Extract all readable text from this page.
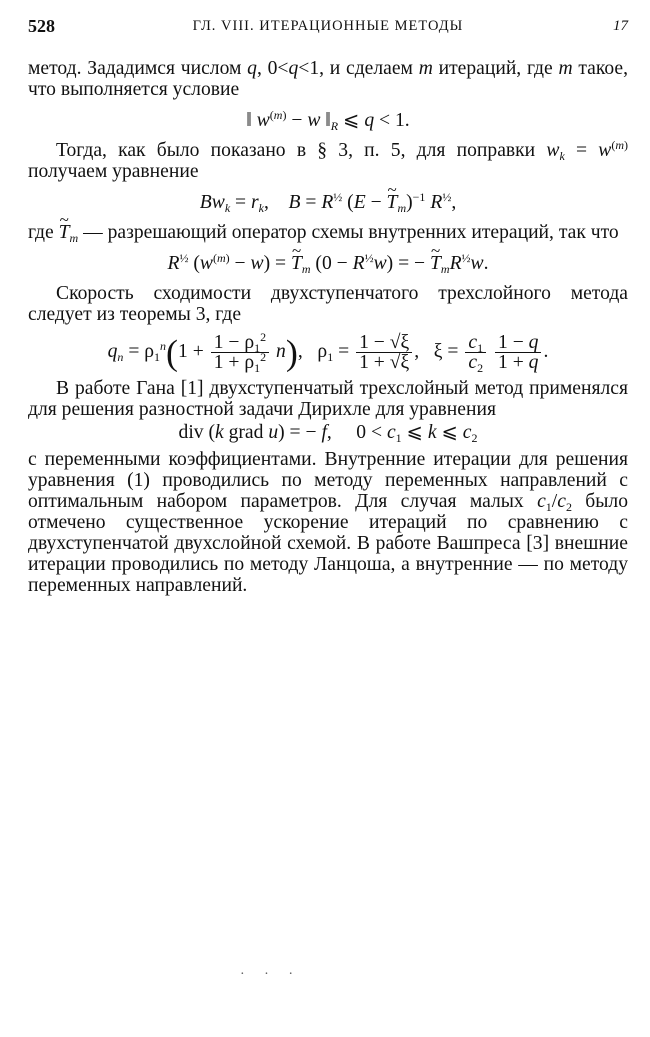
528	ГЛ. VIII. ИТЕРАЦИОННЫЕ МЕТОДЫ	17

метод. Зададимся числом q, 0<q<1, и сделаем m итераций, где m такое, что выполняется условие

‖ $w^{(m)} - w$ $‖_R$ ⩽ q < 1.

Тогда, как было показано в § 3, п. 5, для поправки $w_k = w^{(m)}$ получаем уравнение

$Bw_k = r_k$,    $B = R^{\frac{1}{2}}$ (E − ~ $T_m)^{-1}$ $R^{\frac{1}{2}}$,

где ~ $T_m$ — разрешающий оператор схемы внутренних итераций, так что

$R^{\frac{1}{2}}$ $(w^{(m)} - w)$ = ~ $T_m$ $(0 - R^{\frac{1}{2}}w)$ = − ~ $T_mR^{\frac{1}{2}}w$.

Скорость сходимости двухступенчатого трехслойного метода следует из теоремы 3, где

$q_n = \rho_1^n(1 + \frac{1 - \rho_1^2}{1 + \rho_1^2} n)$,   $\rho_1 = \frac{1 - √\xi}{1 + √\xi}$ ,   $\xi = \frac{c_1}{c_2}$
$\frac{1 - q}{1 + q}$ .

В работе Гана [1] двухступенчатый трехслойный метод применялся для решения разностной задачи Дирихле для уравнения

div (k grad u) = − f,     $0 < c_1$ ⩽ k ⩽ $c_2$

с переменными коэффициентами. Внутренние итерации для решения уравнения (1) проводились по методу переменных направлений с оптимальным набором параметров. Для случая малых $c_1/c_2$ было отмечено существенное ускорение итераций по сравнению с двухступенчатой двухслойной схемой. В работе Вашпреса [3] внешние итерации проводились по методу Ланцоша, а внутренние — по методу переменных направлений.

· · ·
